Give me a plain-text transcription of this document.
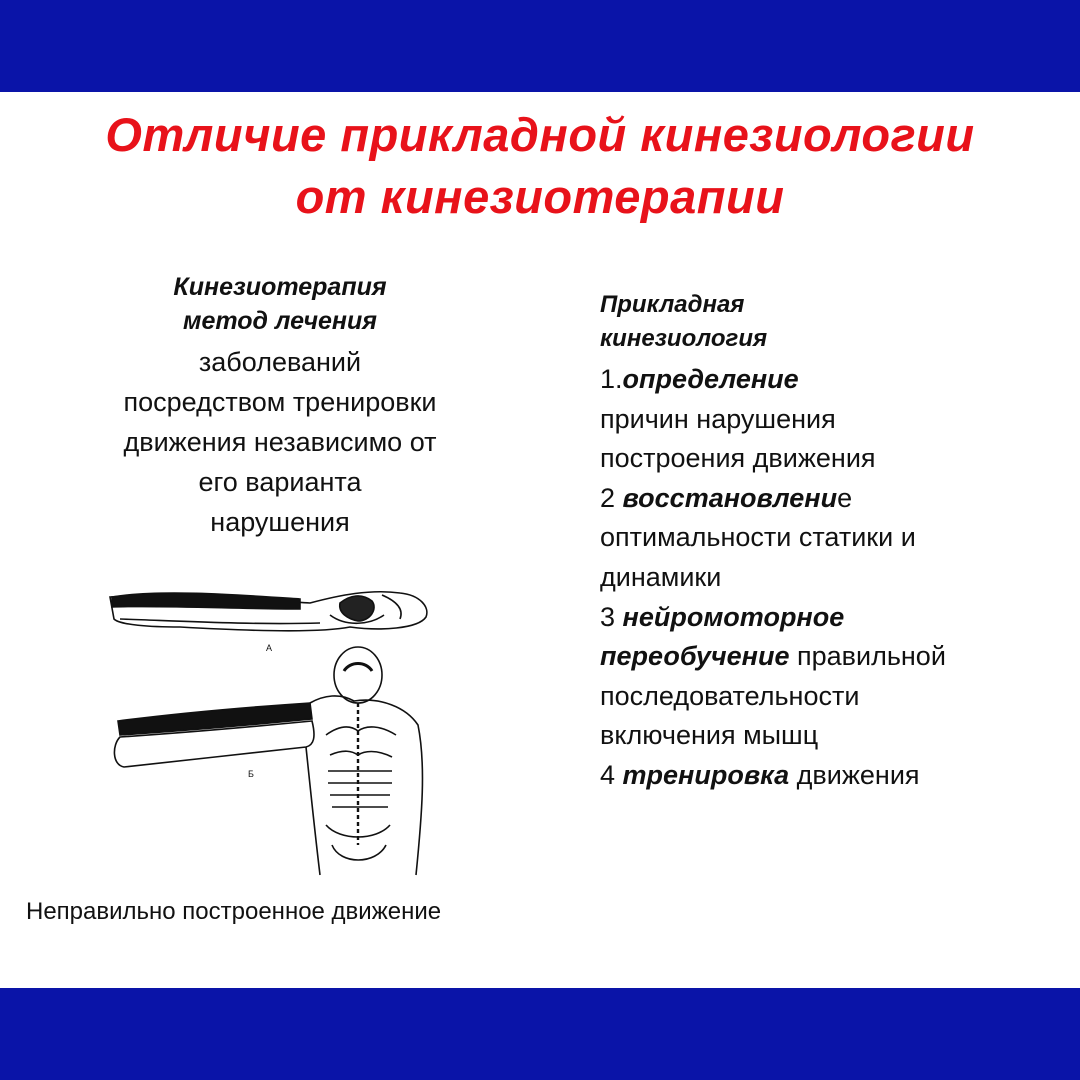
Отличие прикладной кинезиологии
от кинезиотерапии
Кинезиотерапия
метод лечения
заболеваний
посредством тренировки
движения независимо от
его варианта
нарушения
А
Б
Неправильно построенное движение
Прикладная
кинезиология
1.определение
причин нарушения
построения движения
2 восстановление
оптимальности статики и
динамики
3 нейромоторное
переобучение правильной
последовательности
включения мышц
4 тренировка движения
